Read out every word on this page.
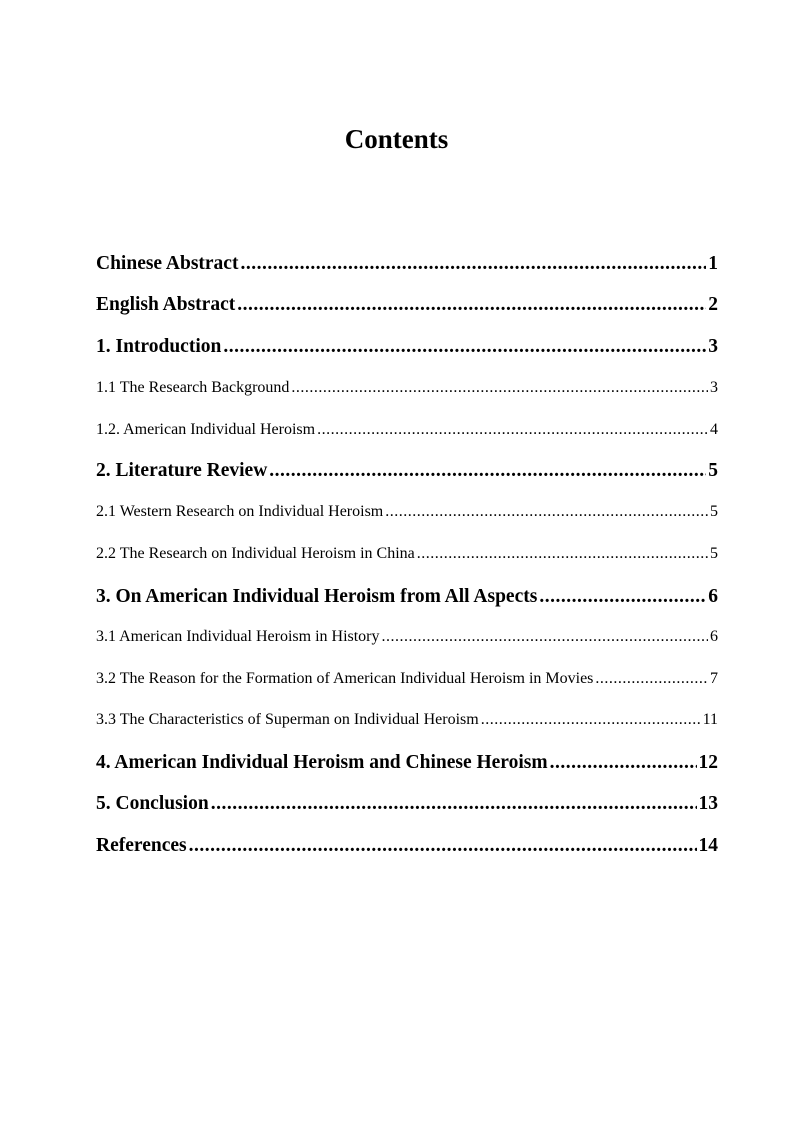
Contents
Chinese Abstract .....	1
English Abstract .....	2
1. Introduction .....	3
1.1 The Research Background .....	3
1.2. American Individual Heroism .....	4
2. Literature Review .....	5
2.1 Western Research on Individual Heroism .....	5
2.2 The Research on Individual Heroism in China .....	5
3. On American Individual Heroism from All Aspects .....	6
3.1 American Individual Heroism in History .....	6
3.2 The Reason for the Formation of American Individual Heroism in Movies .....	7
3.3 The Characteristics of Superman on Individual Heroism .....	11
4. American Individual Heroism and Chinese Heroism .....	12
5. Conclusion .....	13
References .....	14
